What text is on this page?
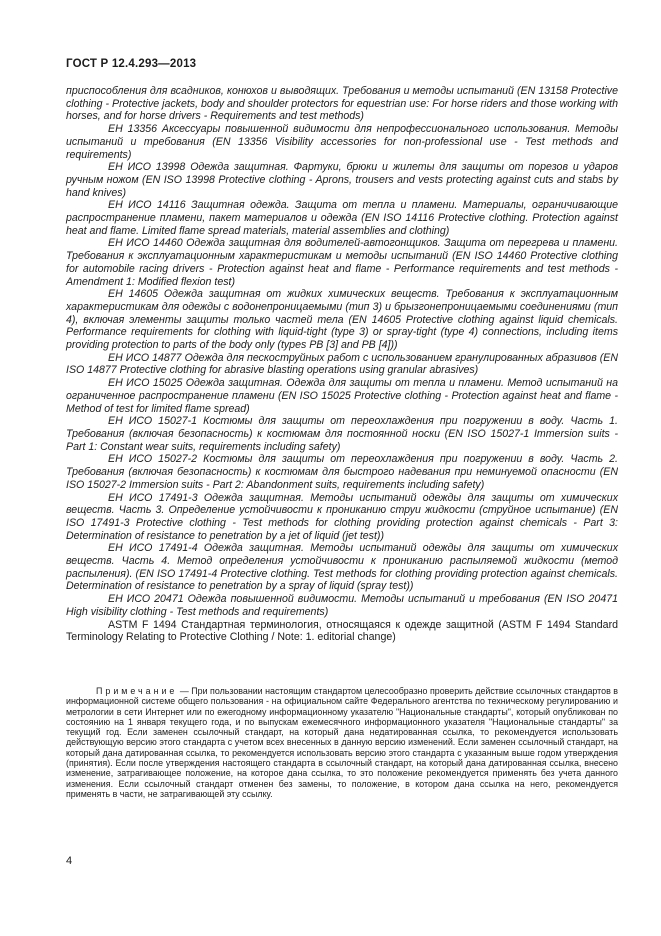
ГОСТ Р 12.4.293—2013

приспособления для всадников, конюхов и выводящих. Требования и методы испытаний (EN 13158 Protective clothing - Protective jackets, body and shoulder protectors for equestrian use: For horse riders and those working with horses, and for horse drivers - Requirements and test methods)

ЕН 13356 Аксессуары повышенной видимости для непрофессионального использования. Методы испытаний и требования (EN 13356 Visibility accessories for non-professional use - Test methods and requirements)

ЕН ИСО 13998 Одежда защитная. Фартуки, брюки и жилеты для защиты от порезов и ударов ручным ножом (EN ISO 13998 Protective clothing - Aprons, trousers and vests protecting against cuts and stabs by hand knives)

ЕН ИСО 14116 Защитная одежда. Защита от тепла и пламени. Материалы, ограничивающие распространение пламени, пакет материалов и одежда (EN ISO 14116 Protective clothing. Protection against heat and flame. Limited flame spread materials, material assemblies and clothing)

ЕН ИСО 14460 Одежда защитная для водителей-автогонщиков. Защита от перегрева и пламени. Требования к эксплуатационным характеристикам и методы испытаний (EN ISO 14460 Protective clothing for automobile racing drivers - Protection against heat and flame - Performance requirements and test methods - Amendment 1: Modified flexion test)

ЕН 14605 Одежда защитная от жидких химических веществ. Требования к эксплуатационным характеристикам для одежды с водонепроницаемыми (тип 3) и брызгонепроницаемыми соединениями (тип 4), включая элементы защиты только частей тела (EN 14605 Protective clothing against liquid chemicals. Performance requirements for clothing with liquid-tight (type 3) or spray-tight (type 4) connections, including items providing protection to parts of the body only (types PB [3] and PB [4]))

ЕН ИСО 14877 Одежда для пескоструйных работ с использованием гранулированных абразивов (EN ISO 14877 Protective clothing for abrasive blasting operations using granular abrasives)

ЕН ИСО 15025 Одежда защитная. Одежда для защиты от тепла и пламени. Метод испытаний на ограниченное распространение пламени (EN ISO 15025 Protective clothing - Protection against heat and flame - Method of test for limited flame spread)

ЕН ИСО 15027-1 Костюмы для защиты от переохлаждения при погружении в воду. Часть 1. Требования (включая безопасность) к костюмам для постоянной носки (EN ISO 15027-1 Immersion suits - Part 1: Constant wear suits, requirements including safety)

ЕН ИСО 15027-2 Костюмы для защиты от переохлаждения при погружении в воду. Часть 2. Требования (включая безопасность) к костюмам для быстрого надевания при неминуемой опасности (EN ISO 15027-2 Immersion suits - Part 2: Abandonment suits, requirements including safety)

ЕН ИСО 17491-3 Одежда защитная. Методы испытаний одежды для защиты от химических веществ. Часть 3. Определение устойчивости к прониканию струи жидкости (струйное испытание) (EN ISO 17491-3 Protective clothing - Test methods for clothing providing protection against chemicals - Part 3: Determination of resistance to penetration by a jet of liquid (jet test))

ЕН ИСО 17491-4 Одежда защитная. Методы испытаний одежды для защиты от химических веществ. Часть 4. Метод определения устойчивости к прониканию распыляемой жидкости (метод распыления). (EN ISO 17491-4 Protective clothing. Test methods for clothing providing protection against chemicals. Determination of resistance to penetration by a spray of liquid (spray test))

ЕН ИСО 20471 Одежда повышенной видимости. Методы испытаний и требования (EN ISO 20471 High visibility clothing - Test methods and requirements)

ASTM F 1494 Стандартная терминология, относящаяся к одежде защитной (ASTM F 1494 Standard Terminology Relating to Protective Clothing / Note: 1. editorial change)

Примечание — При пользовании настоящим стандартом целесообразно проверить действие ссылочных стандартов в информационной системе общего пользования - на официальном сайте Федерального агентства по техническому регулированию и метрологии в сети Интернет или по ежегодному информационному указателю "Национальные стандарты", который опубликован по состоянию на 1 января текущего года, и по выпускам ежемесячного информационного указателя "Национальные стандарты" за текущий год. Если заменен ссылочный стандарт, на который дана недатированная ссылка, то рекомендуется использовать действующую версию этого стандарта с учетом всех внесенных в данную версию изменений. Если заменен ссылочный стандарт, на который дана датированная ссылка, то рекомендуется использовать версию этого стандарта с указанным выше годом утверждения (принятия). Если после утверждения настоящего стандарта в ссылочный стандарт, на который дана датированная ссылка, внесено изменение, затрагивающее положение, на которое дана ссылка, то это положение рекомендуется применять без учета данного изменения. Если ссылочный стандарт отменен без замены, то положение, в котором дана ссылка на него, рекомендуется применять в части, не затрагивающей эту ссылку.
4
